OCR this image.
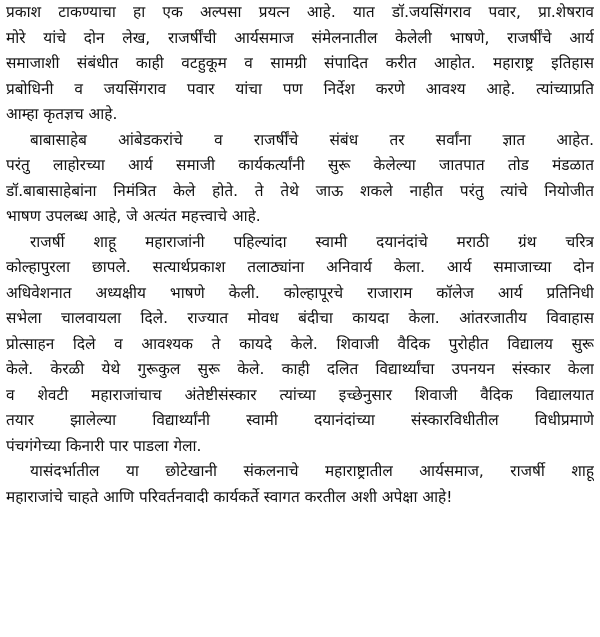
प्रकाश टाकण्याचा हा एक अल्पसा प्रयत्न आहे. यात डॉ.जयसिंगराव पवार, प्रा.शेषराव
मोरे यांचे दोन लेख, राजर्षींची आर्यसमाज संमेलनातील केलेली भाषणे, राजर्षींचे आर्य
समाजाशी संबंधीत काही वटहुकूम व सामग्री संपादित करीत आहोत. महाराष्ट्र इतिहास
प्रबोधिनी व जयसिंगराव पवार यांचा पण निर्देश करणे आवश्य आहे. त्यांच्याप्रति
आम्हा कृतज्ञच आहे.
बाबासाहेब आंबेडकरांचे व राजर्षींचे संबंध तर सर्वांना ज्ञात आहेत.
परंतु लाहोरच्या आर्य समाजी कार्यकर्त्यांनी सुरू केलेल्या जातपात तोड मंडळात
डॉ.बाबासाहेबांना निमंत्रित केले होते. ते तेथे जाऊ शकले नाहीत परंतु त्यांचे नियोजीत
भाषण उपलब्ध आहे, जे अत्यंत महत्त्वाचे आहे.
राजर्षी शाहू महाराजांनी पहिल्यांदा स्वामी दयानंदांचे मराठी ग्रंथ चरित्र
कोल्हापुरला छापले. सत्यार्थप्रकाश तलाठ्यांना अनिवार्य केला. आर्य समाजाच्या दोन
अधिवेशनात अध्यक्षीय भाषणे केली. कोल्हापूरचे राजाराम कॉलेज आर्य प्रतिनिधी
सभेला चालवायला दिले. राज्यात मोवध बंदीचा कायदा केला. आंतरजातीय विवाहास
प्रोत्साहन दिले व आवश्यक ते कायदे केले. शिवाजी वैदिक पुरोहीत विद्यालय सुरू
केले. केरळी येथे गुरूकुल सुरू केले. काही दलित विद्यार्थ्यांचा उपनयन संस्कार केला
व शेवटी महाराजांचाच अंतेष्टीसंस्कार त्यांच्या इच्छेनुसार शिवाजी वैदिक विद्यालयात
तयार झालेल्या विद्यार्थ्यांनी स्वामी दयानंदांच्या संस्कारविधीतील विधीप्रमाणे
पंचगंगेच्या किनारी पार पाडला गेला.
यासंदर्भातील या छोटेखानी संकलनाचे महाराष्ट्रातील आर्यसमाज, राजर्षी शाहू
महाराजांचे चाहते आणि परिवर्तनवादी कार्यकर्ते स्वागत करतील अशी अपेक्षा आहे!
